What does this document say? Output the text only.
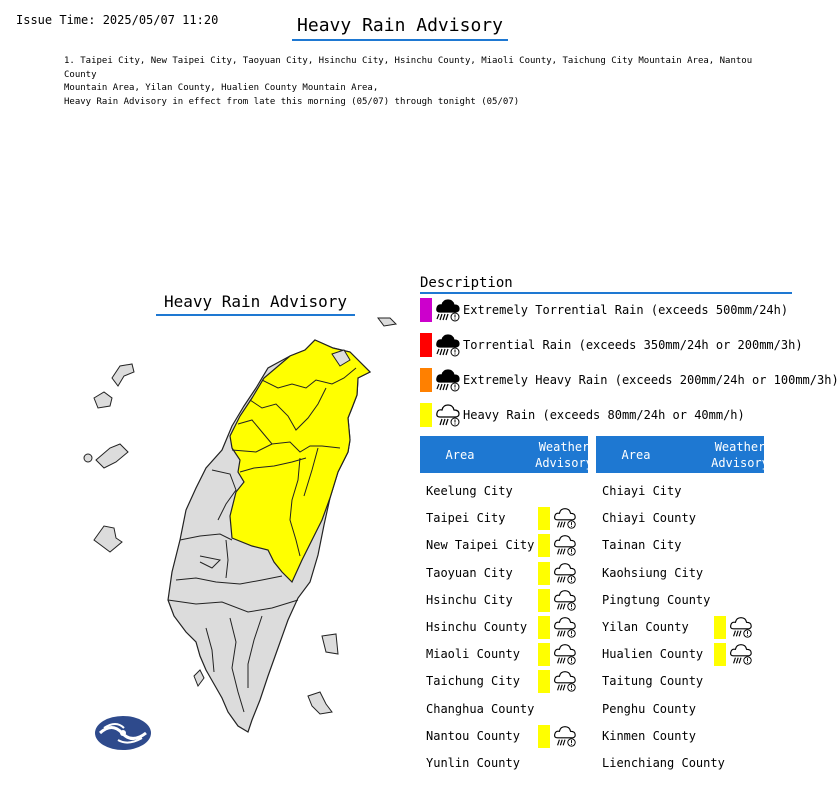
Issue Time: 2025/05/07 11:20	Heavy Rain Advisory
1. Taipei City, New Taipei City, Taoyuan City, Hsinchu City, Hsinchu County, Miaoli County, Taichung City Mountain Area, Nantou County
Mountain Area, Yilan County, Hualien County Mountain Area,
Heavy Rain Advisory in effect from late this morning (05/07) through tonight (05/07)
Heavy Rain Advisory
Description
Extremely Torrential Rain (exceeds 500mm/24h)
Torrential Rain (exceeds 350mm/24h or 200mm/3h)
Extremely Heavy Rain (exceeds 200mm/24h or 100mm/3h)
Heavy Rain (exceeds 80mm/24h or 40mm/h)
Area
Weather
Advisory
Area
Weather
Advisory
Keelung City
Taipei City
New Taipei City
Taoyuan City
Hsinchu City
Hsinchu County
Miaoli County
Taichung City
Changhua County
Nantou County
Yunlin County
Chiayi City
Chiayi County
Tainan City
Kaohsiung City
Pingtung County
Yilan County
Hualien County
Taitung County
Penghu County
Kinmen County
Lienchiang County
